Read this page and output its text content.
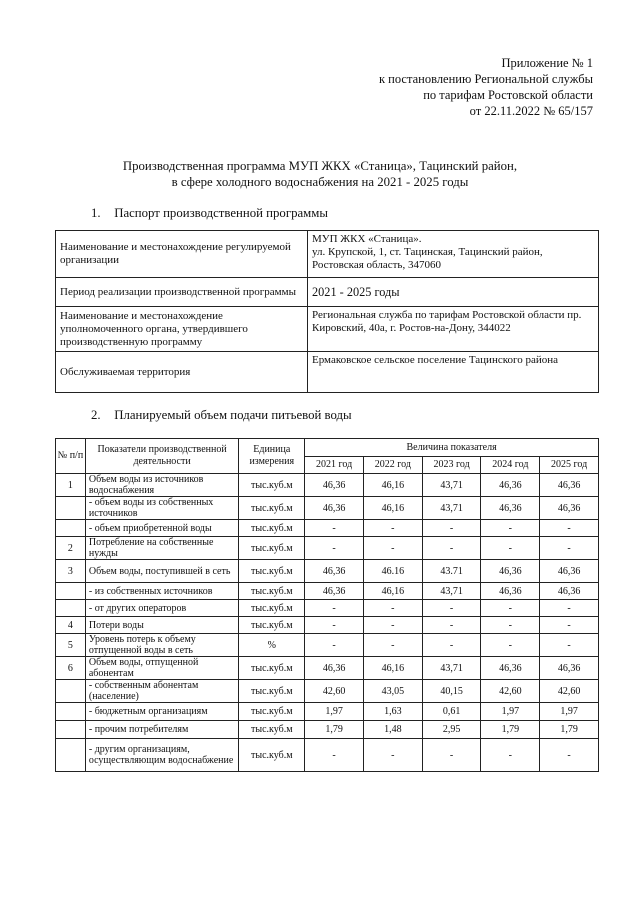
Приложение № 1
к постановлению Региональной службы
по тарифам Ростовской области
от 22.11.2022 № 65/157
Производственная программа МУП ЖКХ «Станица», Тацинский район,
в сфере холодного водоснабжения на 2021 - 2025 годы
1. Паспорт производственной программы
Наименование и местонахождение регулируемой организации	МУП ЖКХ «Станица».
ул. Крупской, 1, ст. Тацинская, Тацинский район, Ростовская область, 347060

Период реализации производственной программы	2021 - 2025 годы
Наименование и местонахождение уполномоченного органа, утвердившего производственную программу	Региональная служба по тарифам Ростовской области пр. Кировский, 40а, г. Ростов-на-Дону, 344022
Обслуживаемая территория	Ермаковское сельское поселение Тацинского района
2. Планируемый объем подачи питьевой воды
№ п/п	Показатели производственной деятельности	Единица измерения	Величина показателя				
			2021 год	2022 год	2023 год	2024 год	2025 год
1	Объем воды из источников водоснабжения	тыс.куб.м	46,36	46,16	43,71	46,36	46,36
	- объем воды из собственных источников	тыс.куб.м	46,36	46,16	43,71	46,36	46,36
	- объем приобретенной воды	тыс.куб.м	-	-	-	-	-
2	Потребление на собственные нужды	тыс.куб.м	-	-	-	-	-
3	Объем воды, поступившей в сеть	тыс.куб.м	46,36	46.16	43.71	46,36	46,36
	- из собственных источников	тыс.куб.м	46,36	46,16	43,71	46,36	46,36
	- от других операторов	тыс.куб.м	-	-	-	-	-
4	Потери воды	тыс.куб.м	-	-	-	-	-
5	Уровень потерь к объему отпущенной воды в сеть	%	-	-	-	-	-
6	Объем воды, отпущенной абонентам	тыс.куб.м	46,36	46,16	43,71	46,36	46,36
	- собственным абонентам (население)	тыс.куб.м	42,60	43,05	40,15	42,60	42,60
	- бюджетным организациям	тыс.куб.м	1,97	1,63	0,61	1,97	1,97
	- прочим потребителям	тыс.куб.м	1,79	1,48	2,95	1,79	1,79
	- другим организациям, осуществляющим водоснабжение	тыс.куб.м	-	-	-	-	-
